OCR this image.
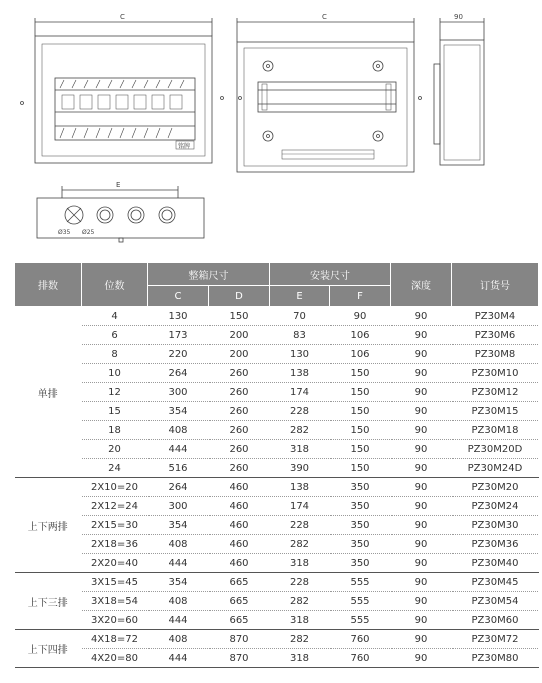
C
铭牌
C	90
E
Ø35 Ø25
排数	位数	整箱尺寸		安装尺寸		深度	订货号
		C	D	E	F		
单排	4	130	150	70	90	90	PZ30M4
	6	173	200	83	106	90	PZ30M6
	8	220	200	130	106	90	PZ30M8
	10	264	260	138	150	90	PZ30M10
	12	300	260	174	150	90	PZ30M12
	15	354	260	228	150	90	PZ30M15
	18	408	260	282	150	90	PZ30M18
	20	444	260	318	150	90	PZ30M20D
	24	516	260	390	150	90	PZ30M24D
上下两排	2X10=20	264	460	138	350	90	PZ30M20
	2X12=24	300	460	174	350	90	PZ30M24
	2X15=30	354	460	228	350	90	PZ30M30
	2X18=36	408	460	282	350	90	PZ30M36
	2X20=40	444	460	318	350	90	PZ30M40
上下三排	3X15=45	354	665	228	555	90	PZ30M45
	3X18=54	408	665	282	555	90	PZ30M54
	3X20=60	444	665	318	555	90	PZ30M60
上下四排	4X18=72	408	870	282	760	90	PZ30M72
	4X20=80	444	870	318	760	90	PZ30M80
